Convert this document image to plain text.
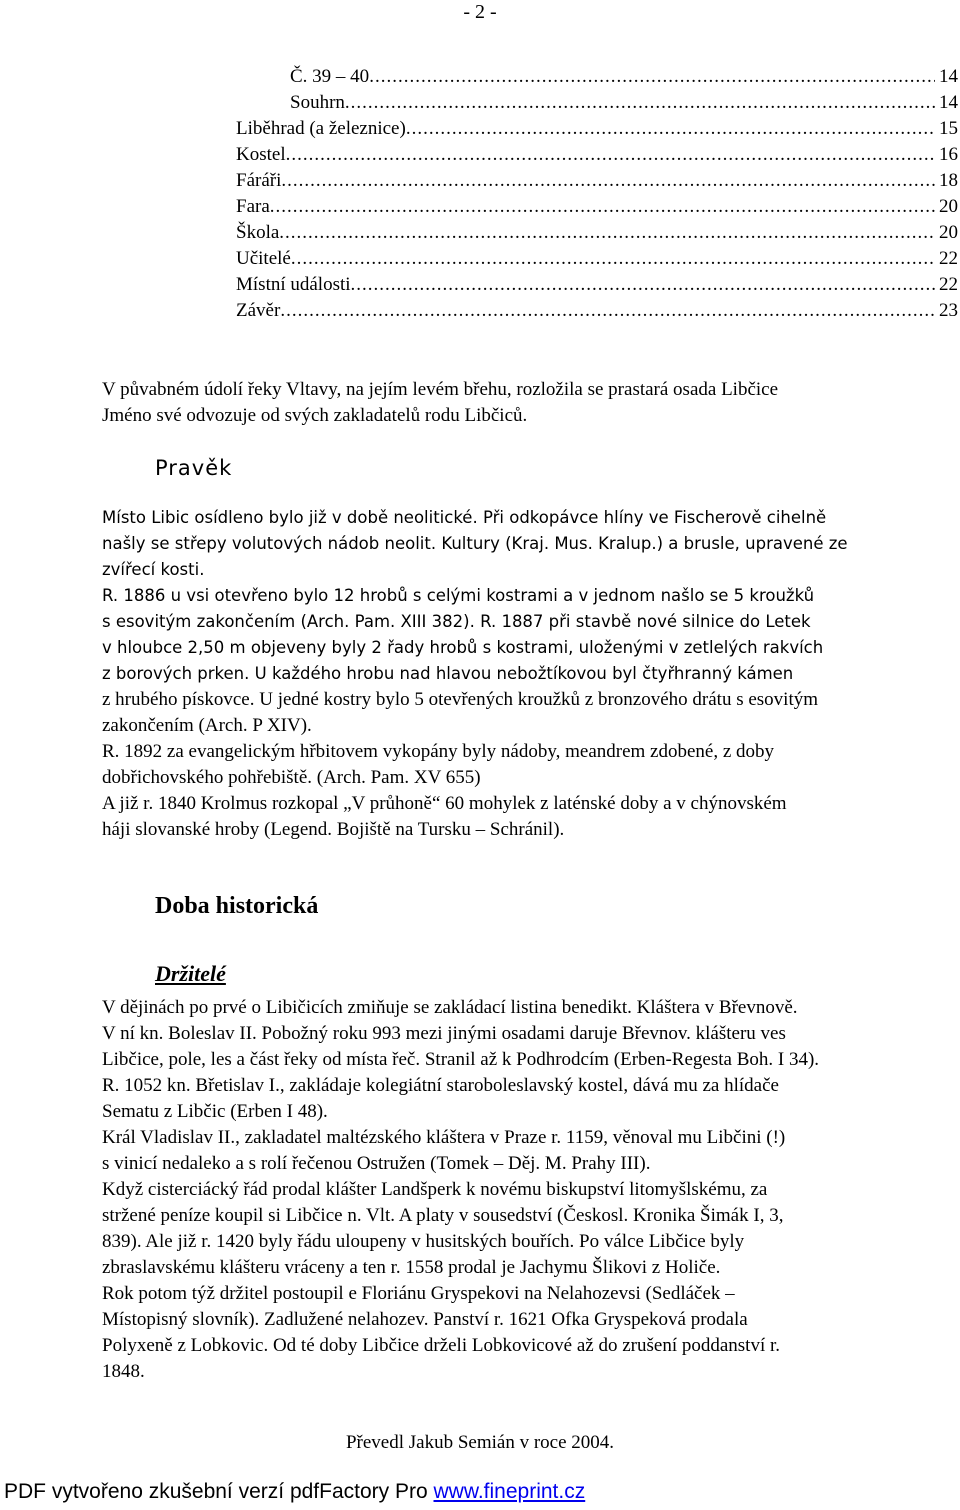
- 2 -
Č. 39 – 40 .....	14
Souhrn .....	14
Liběhrad (a železnice) .....	15
Kostel .....	16
Fáráři .....	18
Fara .....	20
Škola .....	20
Učitelé .....	22
Místní události .....	22
Závěr .....	23
V půvabném údolí řeky Vltavy, na jejím levém břehu, rozložila se prastará osada Libčice
Jméno své odvozuje od svých zakladatelů rodu Libčiců.
Pravěk
Místo Libic osídleno bylo již v době neolitické. Při odkopávce hlíny ve Fischerově cihelně
našly se střepy volutových nádob neolit. Kultury (Kraj. Mus. Kralup.) a brusle, upravené ze
zvířecí kosti.
R. 1886 u vsi otevřeno bylo 12 hrobů s celými kostrami a v jednom našlo se 5 kroužků
s esovitým zakončením (Arch. Pam. XIII 382). R. 1887 při stavbě nové silnice do Letek
v hloubce 2,50 m objeveny byly 2 řady hrobů s kostrami, uloženými v zetlelých rakvích
z borových prken. U každého hrobu nad hlavou nebožtíkovou byl čtyřhranný kámen
z hrubého pískovce. U jedné kostry bylo 5 otevřených kroužků z bronzového drátu s esovitým
zakončením (Arch. P XIV).
R. 1892 za evangelickým hřbitovem vykopány byly nádoby, meandrem zdobené, z doby
dobřichovského pohřebiště. (Arch. Pam. XV 655)
A již r. 1840 Krolmus rozkopal „V průhoně“ 60 mohylek z laténské doby a v chýnovském
háji slovanské hroby (Legend. Bojiště na Tursku – Schránil).
Doba historická
Držitelé
V dějinách po prvé o Libičicích zmiňuje se zakládací listina benedikt. Kláštera v Břevnově.
V ní kn. Boleslav II. Pobožný roku 993 mezi jinými osadami daruje Břevnov. klášteru ves
Libčice, pole, les a část řeky od místa řeč. Stranil až k Podhrodcím (Erben-Regesta Boh. I 34).
R. 1052 kn. Břetislav I., zakládaje kolegiátní staroboleslavský kostel, dává mu za hlídače
Sematu z Libčic (Erben I 48).
Král Vladislav II., zakladatel maltézského kláštera v Praze r. 1159, věnoval mu Libčini (!)
s vinicí nedaleko a s rolí řečenou Ostružen (Tomek – Děj. M. Prahy III).
Když cisterciácký řád prodal klášter Landšperk k novému biskupství litomyšlskému, za
stržené peníze koupil si Libčice n. Vlt. A platy v sousedství (Českosl. Kronika Šimák I, 3,
839). Ale již r. 1420 byly řádu uloupeny v husitských bouřích. Po válce Libčice byly
zbraslavskému klášteru vráceny a ten r. 1558 prodal je Jachymu Šlikovi z Holiče.
Rok potom týž držitel postoupil e Floriánu Gryspekovi na Nelahozevsi (Sedláček –
Místopisný slovník). Zadlužené nelahozev. Panství r. 1621 Ofka Gryspeková prodala
Polyxeně z Lobkovic. Od té doby Libčice drželi Lobkovicové až do zrušení poddanství r.
1848.
Převedl Jakub Semián v roce 2004.
PDF vytvořeno zkušební verzí pdfFactory Pro www.fineprint.cz
